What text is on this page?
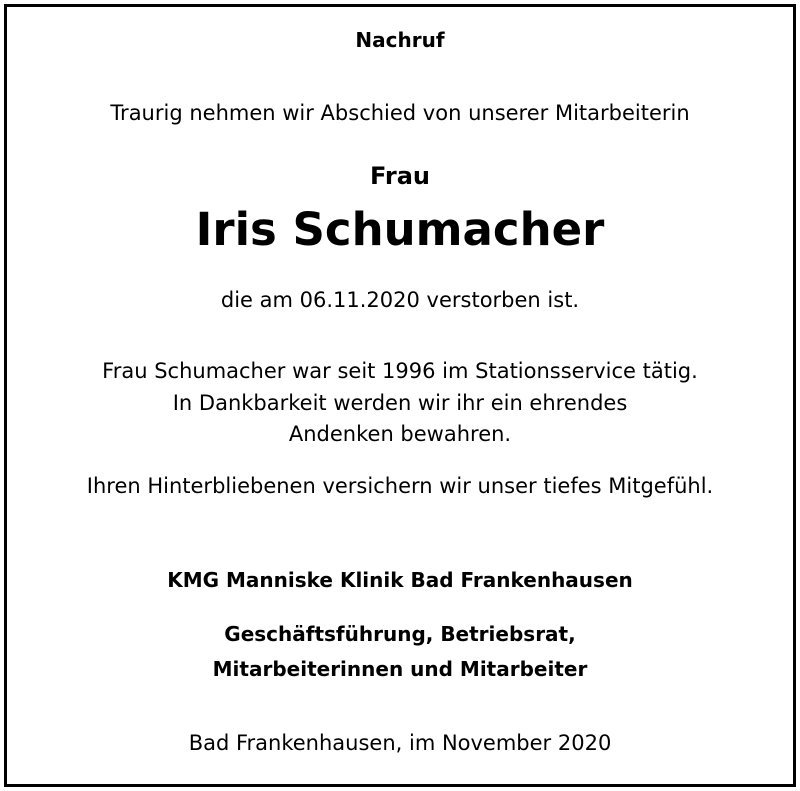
Nachruf
Traurig nehmen wir Abschied von unserer Mitarbeiterin
Frau
Iris Schumacher
die am 06.11.2020 verstorben ist.
Frau Schumacher war seit 1996 im Stationsservice tätig.
In Dankbarkeit werden wir ihr ein ehrendes
Andenken bewahren.
Ihren Hinterbliebenen versichern wir unser tiefes Mitgefühl.
KMG Manniske Klinik Bad Frankenhausen
Geschäftsführung, Betriebsrat,
Mitarbeiterinnen und Mitarbeiter
Bad Frankenhausen, im November 2020
